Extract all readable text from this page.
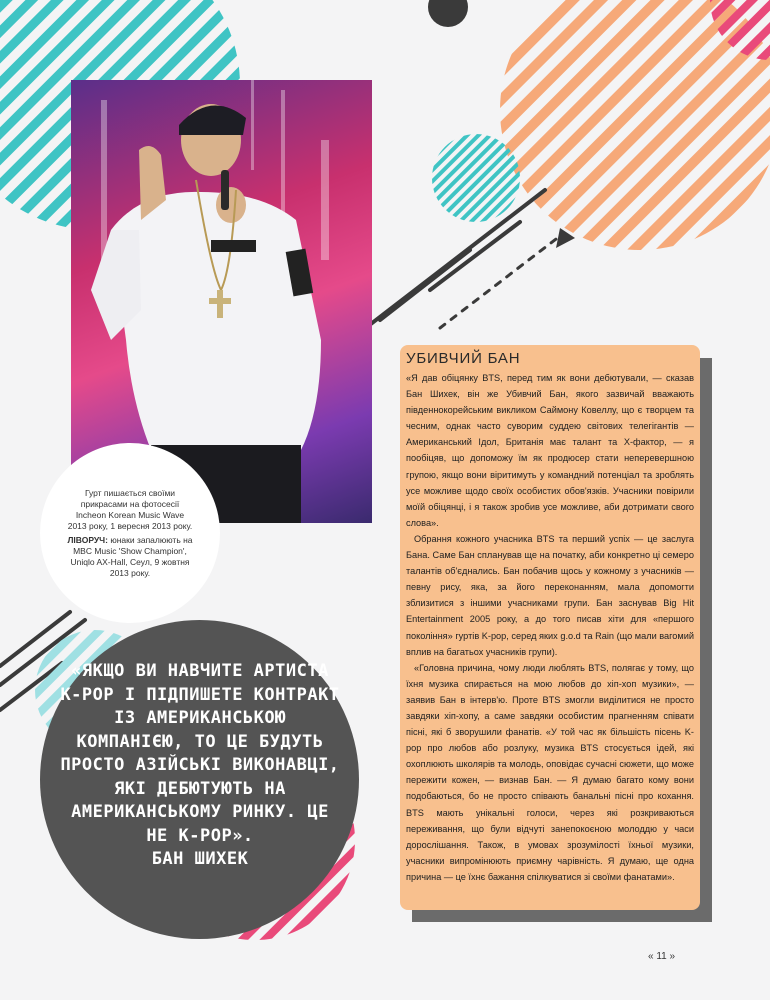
Гурт пишається своїми прикрасами на фотосесії Incheon Korean Music Wave 2013 року, 1 вересня 2013 року.
ЛІВОРУЧ: юнаки запалюють на MBC Music 'Show Champion', Uniqlo AX-Hall, Сеул, 9 жовтня 2013 року.
«ЯКЩО ВИ НАВЧИТЕ АРТИСТА K-POP І ПІДПИШЕТЕ КОНТРАКТ ІЗ АМЕРИКАНСЬКОЮ КОМПАНІЄЮ, ТО ЦЕ БУДУТЬ ПРОСТО АЗІЙСЬКІ ВИКОНАВЦІ, ЯКІ ДЕБЮТУЮТЬ НА АМЕРИКАНСЬКОМУ РИНКУ. ЦЕ НЕ K-POP».
БАН ШИХЕК
УБИВЧИЙ БАН

«Я дав обіцянку BTS, перед тим як вони дебютували, — сказав Бан Шихек, він же Убивчий Бан, якого зазвичай вважають південнокорейським викликом Саймону Ковеллу, що є творцем та чесним, однак часто суворим суддею світових телегігантів — Американський Ідол, Британія має талант та Х-фактор, — я пообіцяв, що допоможу їм як продюсер стати неперевершною групою, якщо вони віритимуть у командний потенціал та зроблять усе можливе щодо своїх особистих обов'язків. Учасники повірили моїй обіцянці, і я також зробив усе можливе, аби дотримати свого слова».

Обрання кожного учасника BTS та перший успіх — це заслуга Бана. Саме Бан спланував ще на початку, аби конкретно ці семеро талантів об'єднались. Бан побачив щось у кожному з учасників — певну рису, яка, за його переконанням, мала допомогти зблизитися з іншими учасниками групи. Бан заснував Big Hit Entertainment 2005 року, а до того писав хіти для «першого покоління» гуртів K-pop, серед яких g.o.d та Rain (що мали вагомий вплив на багатьох учасників групи).

«Головна причина, чому люди люблять BTS, полягає у тому, що їхня музика спирається на мою любов до хіп-хоп музики», — заявив Бан в інтерв'ю. Проте BTS змогли виділитися не просто завдяки хіп-хопу, а саме завдяки особистим прагненням співати пісні, які б зворушили фанатів. «У той час як більшість пісень K-pop про любов або розлуку, музика BTS стосується ідей, які охоплюють школярів та молодь, оповідає сучасні сюжети, що може пережити кожен, — визнав Бан. — Я думаю багато кому вони подобаються, бо не просто співають банальні пісні про кохання. BTS мають унікальні голоси, через які розкриваються переживання, що були відчуті занепокоєною молоддю у часи дорослішання. Також, в умовах зрозумілості їхньої музики, учасники випромінюють приємну чарівність. Я думаю, ще одна причина — це їхнє бажання спілкуватися зі своїми фанатами».

« 11 »
